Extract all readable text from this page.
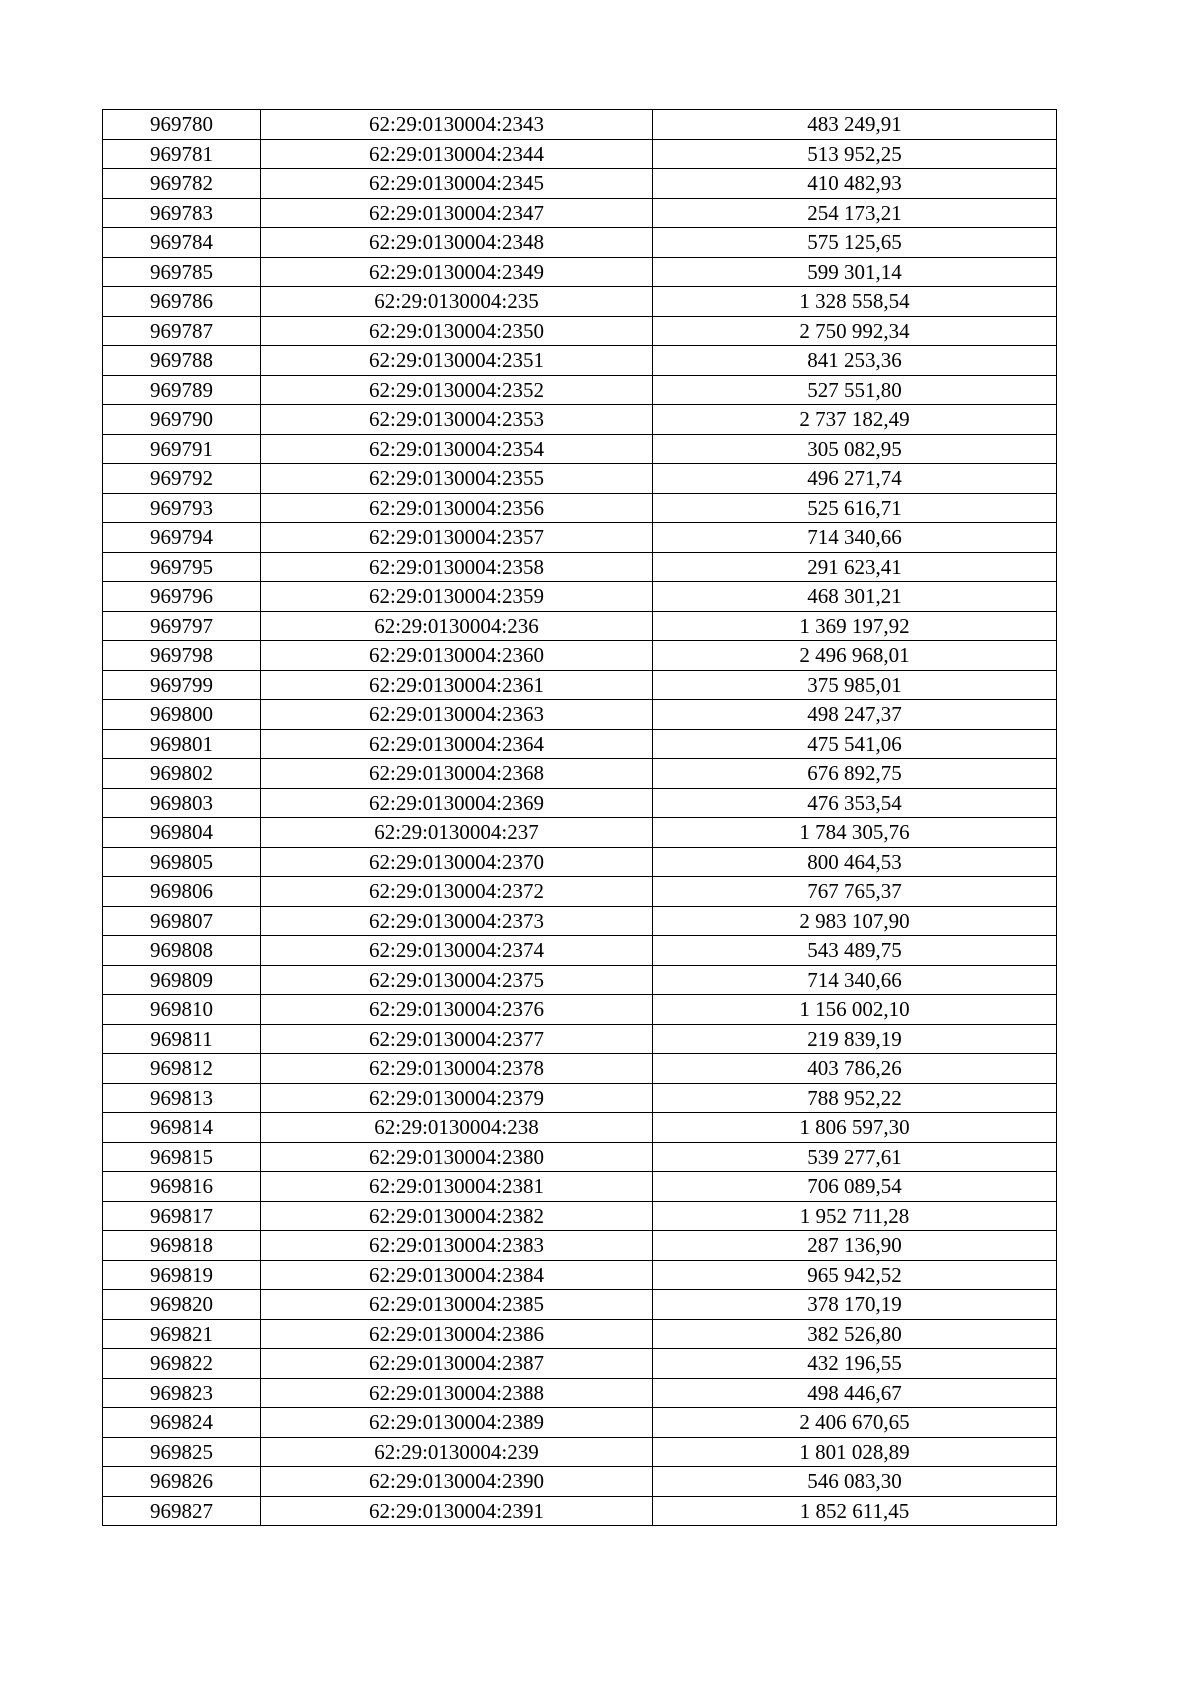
969780	62:29:0130004:2343	483 249,91
969781	62:29:0130004:2344	513 952,25
969782	62:29:0130004:2345	410 482,93
969783	62:29:0130004:2347	254 173,21
969784	62:29:0130004:2348	575 125,65
969785	62:29:0130004:2349	599 301,14
969786	62:29:0130004:235	1 328 558,54
969787	62:29:0130004:2350	2 750 992,34
969788	62:29:0130004:2351	841 253,36
969789	62:29:0130004:2352	527 551,80
969790	62:29:0130004:2353	2 737 182,49
969791	62:29:0130004:2354	305 082,95
969792	62:29:0130004:2355	496 271,74
969793	62:29:0130004:2356	525 616,71
969794	62:29:0130004:2357	714 340,66
969795	62:29:0130004:2358	291 623,41
969796	62:29:0130004:2359	468 301,21
969797	62:29:0130004:236	1 369 197,92
969798	62:29:0130004:2360	2 496 968,01
969799	62:29:0130004:2361	375 985,01
969800	62:29:0130004:2363	498 247,37
969801	62:29:0130004:2364	475 541,06
969802	62:29:0130004:2368	676 892,75
969803	62:29:0130004:2369	476 353,54
969804	62:29:0130004:237	1 784 305,76
969805	62:29:0130004:2370	800 464,53
969806	62:29:0130004:2372	767 765,37
969807	62:29:0130004:2373	2 983 107,90
969808	62:29:0130004:2374	543 489,75
969809	62:29:0130004:2375	714 340,66
969810	62:29:0130004:2376	1 156 002,10
969811	62:29:0130004:2377	219 839,19
969812	62:29:0130004:2378	403 786,26
969813	62:29:0130004:2379	788 952,22
969814	62:29:0130004:238	1 806 597,30
969815	62:29:0130004:2380	539 277,61
969816	62:29:0130004:2381	706 089,54
969817	62:29:0130004:2382	1 952 711,28
969818	62:29:0130004:2383	287 136,90
969819	62:29:0130004:2384	965 942,52
969820	62:29:0130004:2385	378 170,19
969821	62:29:0130004:2386	382 526,80
969822	62:29:0130004:2387	432 196,55
969823	62:29:0130004:2388	498 446,67
969824	62:29:0130004:2389	2 406 670,65
969825	62:29:0130004:239	1 801 028,89
969826	62:29:0130004:2390	546 083,30
969827	62:29:0130004:2391	1 852 611,45
